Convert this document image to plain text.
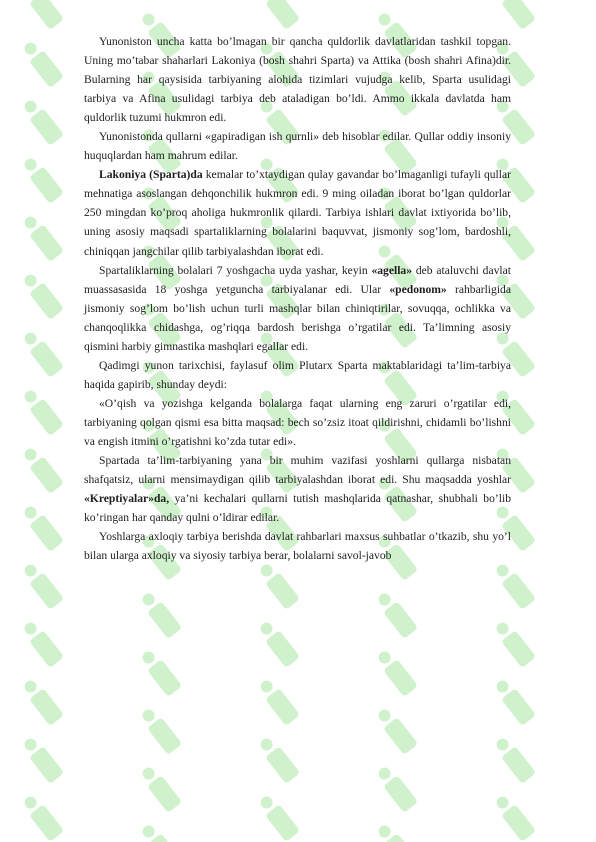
Yunoniston uncha katta bo’lmagan bir qancha quldorlik davlatlaridan tashkil topgan. Uning mo’tabar shaharlari Lakoniya (bosh shahri Sparta) va Attika (bosh shahri Afina)dir. Bularning har qaysisida tarbiyaning alohida tizimlari vujudga kelib, Sparta usulidagi tarbiya va Afina usulidagi tarbiya deb ataladigan bo’ldi. Ammo ikkala davlatda ham quldorlik tuzumi hukmron edi.

Yunonistonda qullarni «gapiradigan ish qurnli» deb hisoblar edilar. Qullar oddiy insoniy huquqlardan ham mahrum edilar.

Lakoniya (Sparta)da kemalar to’xtaydigan qulay gavandar bo’lmaganligi tufayli qullar mehnatiga asoslangan dehqonchilik hukmron edi. 9 ming oiladan iborat bo’lgan quldorlar 250 mingdan ko’proq aholiga hukmronlik qilardi. Tarbiya ishlari davlat ixtiyorida bo’lib, uning asosiy maqsadi spartaliklarning bolalarini baquvvat, jismoniy sog’lom, bardoshli, chiniqqan jangchilar qilib tarbiyalashdan iborat edi.

Spartaliklarning bolalari 7 yoshgacha uyda yashar, keyin «agella» deb ataluvchi davlat muassasasida 18 yoshga yetguncha tarbiyalanar edi. Ular «pedonom» rahbarligida jismoniy sog’lom bo’lish uchun turli mashqlar bilan chiniqtirilar, sovuqqa, ochlikka va chanqoqlikka chidashga, og’riqqa bardosh berishga o’rgatilar edi. Ta’limning asosiy qismini harbiy gimnastika mashqlari egallar edi.

Qadimgi yunon tarixchisi, faylasuf olim Plutarx Sparta maktablaridagi ta’lim-tarbiya haqida gapirib, shunday deydi:

«O’qish va yozishga kelganda bolalarga faqat ularning eng zaruri o’rgatilar edi, tarbiyaning qolgan qismi esa bitta maqsad: bech so’zsiz itoat qildirishni, chidamli bo’lishni va engish itmini o’rgatishni ko’zda tutar edi».

Spartada ta’lim-tarbiyaning yana bir muhim vazifasi yoshlarni qullarga nisbatan shafqatsiz, ularni mensimaydigan qilib tarbiyalashdan iborat edi. Shu maqsadda yoshlar «Kreptiyalar»da, ya’ni kechalari qullarni tutish mashqlarida qatnashar, shubhali bo’lib ko’ringan har qanday qulni o’ldirar edilar.

Yoshlarga axloqiy tarbiya berishda davlat rahbarlari maxsus suhbatlar o’tkazib, shu yo’l bilan ularga axloqiy va siyosiy tarbiya berar, bolalarni savol-javob
